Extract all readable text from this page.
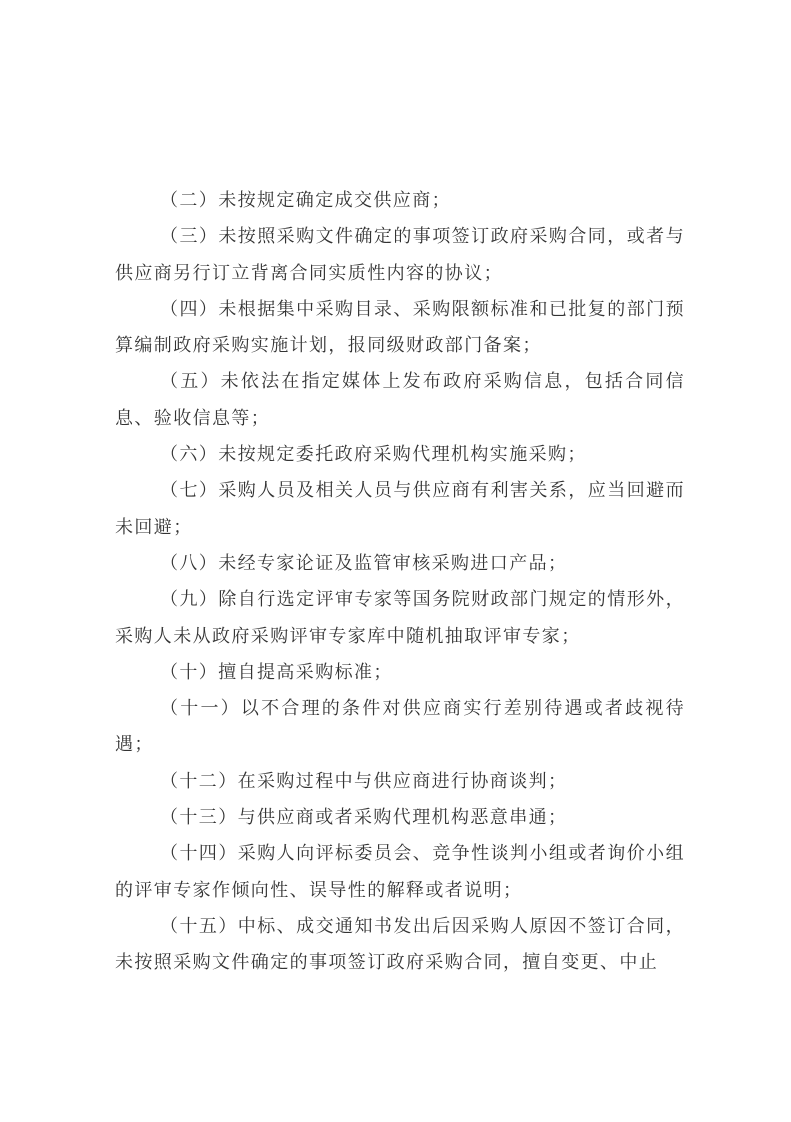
（二）未按规定确定成交供应商；

（三）未按照采购文件确定的事项签订政府采购合同，或者与供应商另行订立背离合同实质性内容的协议；

（四）未根据集中采购目录、采购限额标准和已批复的部门预算编制政府采购实施计划，报同级财政部门备案；

（五）未依法在指定媒体上发布政府采购信息，包括合同信息、验收信息等；

（六）未按规定委托政府采购代理机构实施采购；

（七）采购人员及相关人员与供应商有利害关系，应当回避而未回避；

（八）未经专家论证及监管审核采购进口产品；

（九）除自行选定评审专家等国务院财政部门规定的情形外，采购人未从政府采购评审专家库中随机抽取评审专家；

（十）擅自提高采购标准；

（十一）以不合理的条件对供应商实行差别待遇或者歧视待遇；

（十二）在采购过程中与供应商进行协商谈判；

（十三）与供应商或者采购代理机构恶意串通；

（十四）采购人向评标委员会、竞争性谈判小组或者询价小组的评审专家作倾向性、误导性的解释或者说明；

（十五）中标、成交通知书发出后因采购人原因不签订合同，未按照采购文件确定的事项签订政府采购合同，擅自变更、中止
